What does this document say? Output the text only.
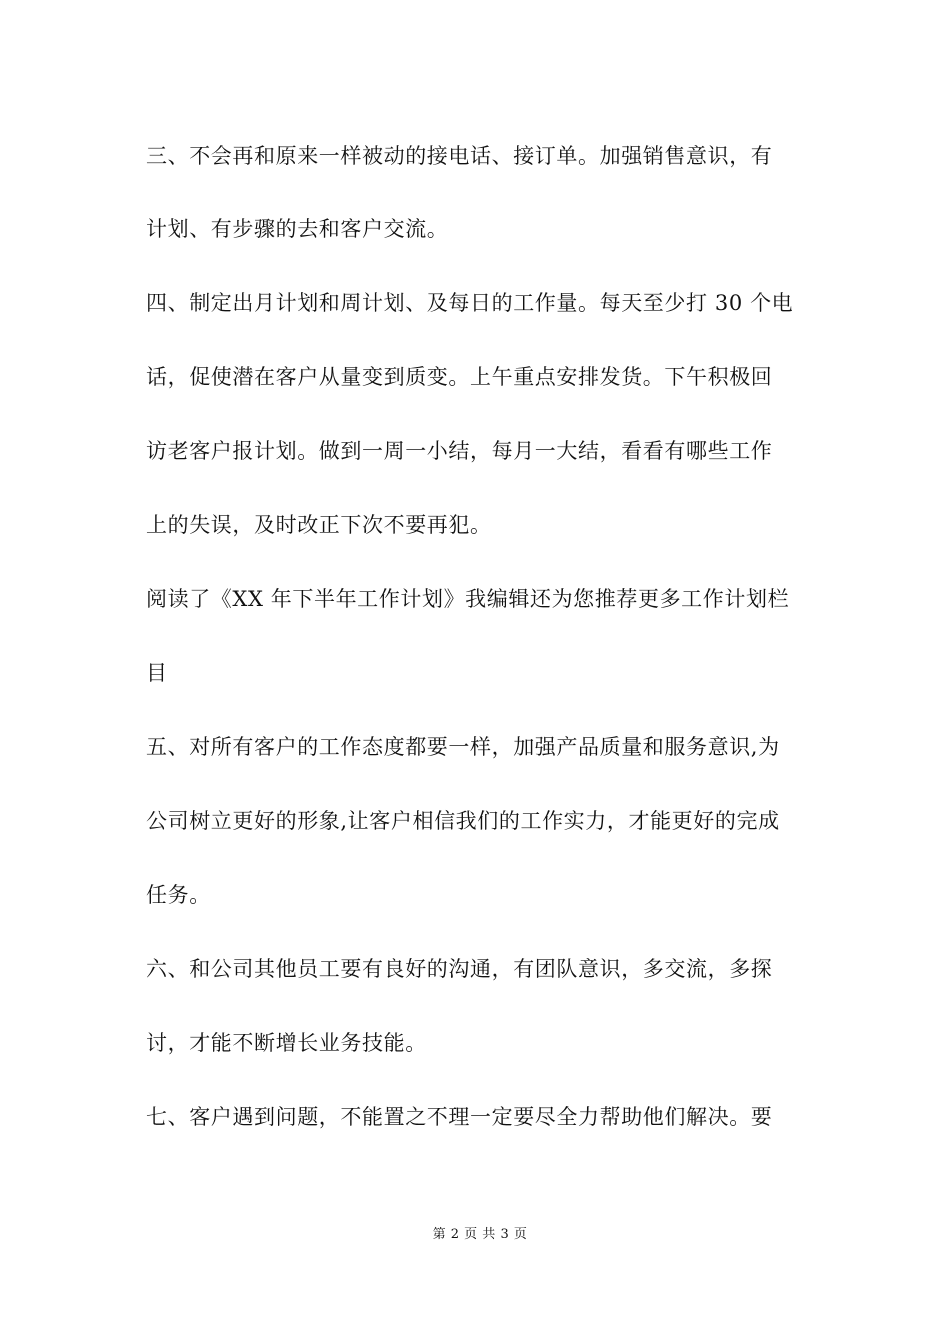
三、不会再和原来一样被动的接电话、接订单。加强销售意识，有
计划、有步骤的去和客户交流。
四、制定出月计划和周计划、及每日的工作量。每天至少打 30 个电
话，促使潜在客户从量变到质变。上午重点安排发货。下午积极回
访老客户报计划。做到一周一小结，每月一大结，看看有哪些工作
上的失误，及时改正下次不要再犯。
阅读了《XX 年下半年工作计划》我编辑还为您推荐更多工作计划栏
目
五、对所有客户的工作态度都要一样，加强产品质量和服务意识,为
公司树立更好的形象,让客户相信我们的工作实力，才能更好的完成
任务。
六、和公司其他员工要有良好的沟通，有团队意识，多交流，多探
讨，才能不断增长业务技能。
七、客户遇到问题，不能置之不理一定要尽全力帮助他们解决。要
第 2 页 共 3 页
